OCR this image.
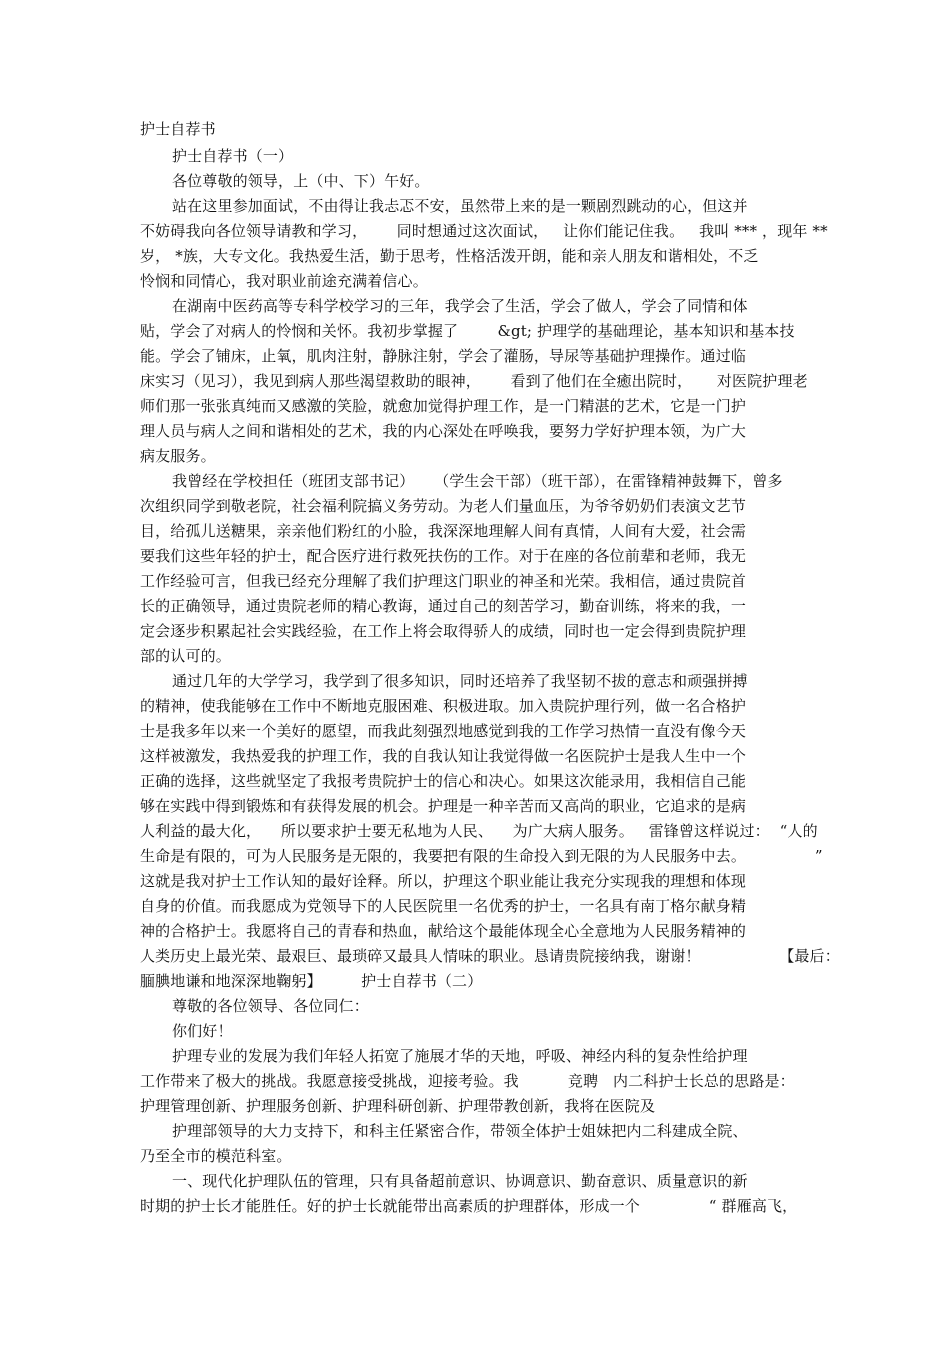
护士自荐书
护士自荐书（一）
各位尊敬的领导，上（中、下）午好。
站在这里参加面试，不由得让我忐忑不安，虽然带上来的是一颗剧烈跳动的心，但这并
不妨碍我向各位领导请教和学习，      同时想通过这次面试，   让你们能记住我。   我叫 *** ，现年 **
岁， *族，大专文化。我热爱生活，勤于思考，性格活泼开朗，能和亲人朋友和谐相处，不乏
怜悯和同情心，我对职业前途充满着信心。
在湖南中医药高等专科学校学习的三年，我学会了生活，学会了做人，学会了同情和体
贴，学会了对病人的怜悯和关怀。我初步掌握了        &gt; 护理学的基础理论，基本知识和基本技
能。学会了铺床，止氧，肌肉注射，静脉注射，学会了灌肠，导尿等基础护理操作。通过临
床实习（见习），我见到病人那些渴望救助的眼神，      看到了他们在全癒出院时，     对医院护理老
师们那一张张真纯而又感激的笑脸，就愈加觉得护理工作，是一门精湛的艺术，它是一门护
理人员与病人之间和谐相处的艺术，我的内心深处在呼唤我，要努力学好护理本领，为广大
病友服务。
我曾经在学校担任（班团支部书记）    （学生会干部）（班干部），在雷锋精神鼓舞下，曾多
次组织同学到敬老院，社会福利院搞义务劳动。为老人们量血压，为爷爷奶奶们表演文艺节
目，给孤儿送糖果，亲亲他们粉红的小脸，我深深地理解人间有真情，人间有大爱，社会需
要我们这些年轻的护士，配合医疗进行救死扶伤的工作。对于在座的各位前辈和老师，我无
工作经验可言，但我已经充分理解了我们护理这门职业的神圣和光荣。我相信，通过贵院首
长的正确领导，通过贵院老师的精心教诲，通过自己的刻苦学习，勤奋训练，将来的我，一
定会逐步积累起社会实践经验，在工作上将会取得骄人的成绩，同时也一定会得到贵院护理
部的认可的。
通过几年的大学学习，我学到了很多知识，同时还培养了我坚韧不拔的意志和顽强拼搏
的精神，使我能够在工作中不断地克服困难、积极进取。加入贵院护理行列，做一名合格护
士是我多年以来一个美好的愿望，而我此刻强烈地感觉到我的工作学习热情一直没有像今天
这样被激发，我热爱我的护理工作，我的自我认知让我觉得做一名医院护士是我人生中一个
正确的选择，这些就坚定了我报考贵院护士的信心和决心。如果这次能录用，我相信自己能
够在实践中得到锻炼和有获得发展的机会。护理是一种辛苦而又高尚的职业，它追求的是病
人利益的最大化，    所以要求护士要无私地为人民、    为广大病人服务。   雷锋曾这样说过：  “人的
生命是有限的，可为人民服务是无限的，我要把有限的生命投入到无限的为人民服务中去。              ”
这就是我对护士工作认知的最好诠释。所以，护理这个职业能让我充分实现我的理想和体现
自身的价值。而我愿成为党领导下的人民医院里一名优秀的护士，一名具有南丁格尔献身精
神的合格护士。我愿将自己的青春和热血，献给这个最能体现全心全意地为人民服务精神的
人类历史上最光荣、最艰巨、最琐碎又最具人情味的职业。恳请贵院接纳我，谢谢！                【最后：
腼腆地谦和地深深地鞠躬】        护士自荐书（二）
尊敬的各位领导、各位同仁：
你们好！
护理专业的发展为我们年轻人拓宽了施展才华的天地，呼吸、神经内科的复杂性给护理
工作带来了极大的挑战。我愿意接受挑战，迎接考验。我          竞聘   内二科护士长总的思路是：
护理管理创新、护理服务创新、护理科研创新、护理带教创新，我将在医院及
护理部领导的大力支持下，和科主任紧密合作，带领全体护士姐妹把内二科建成全院、
乃至全市的模范科室。
一、现代化护理队伍的管理，只有具备超前意识、协调意识、勤奋意识、质量意识的新
时期的护士长才能胜任。好的护士长就能带出高素质的护理群体，形成一个              “ 群雁高飞，
